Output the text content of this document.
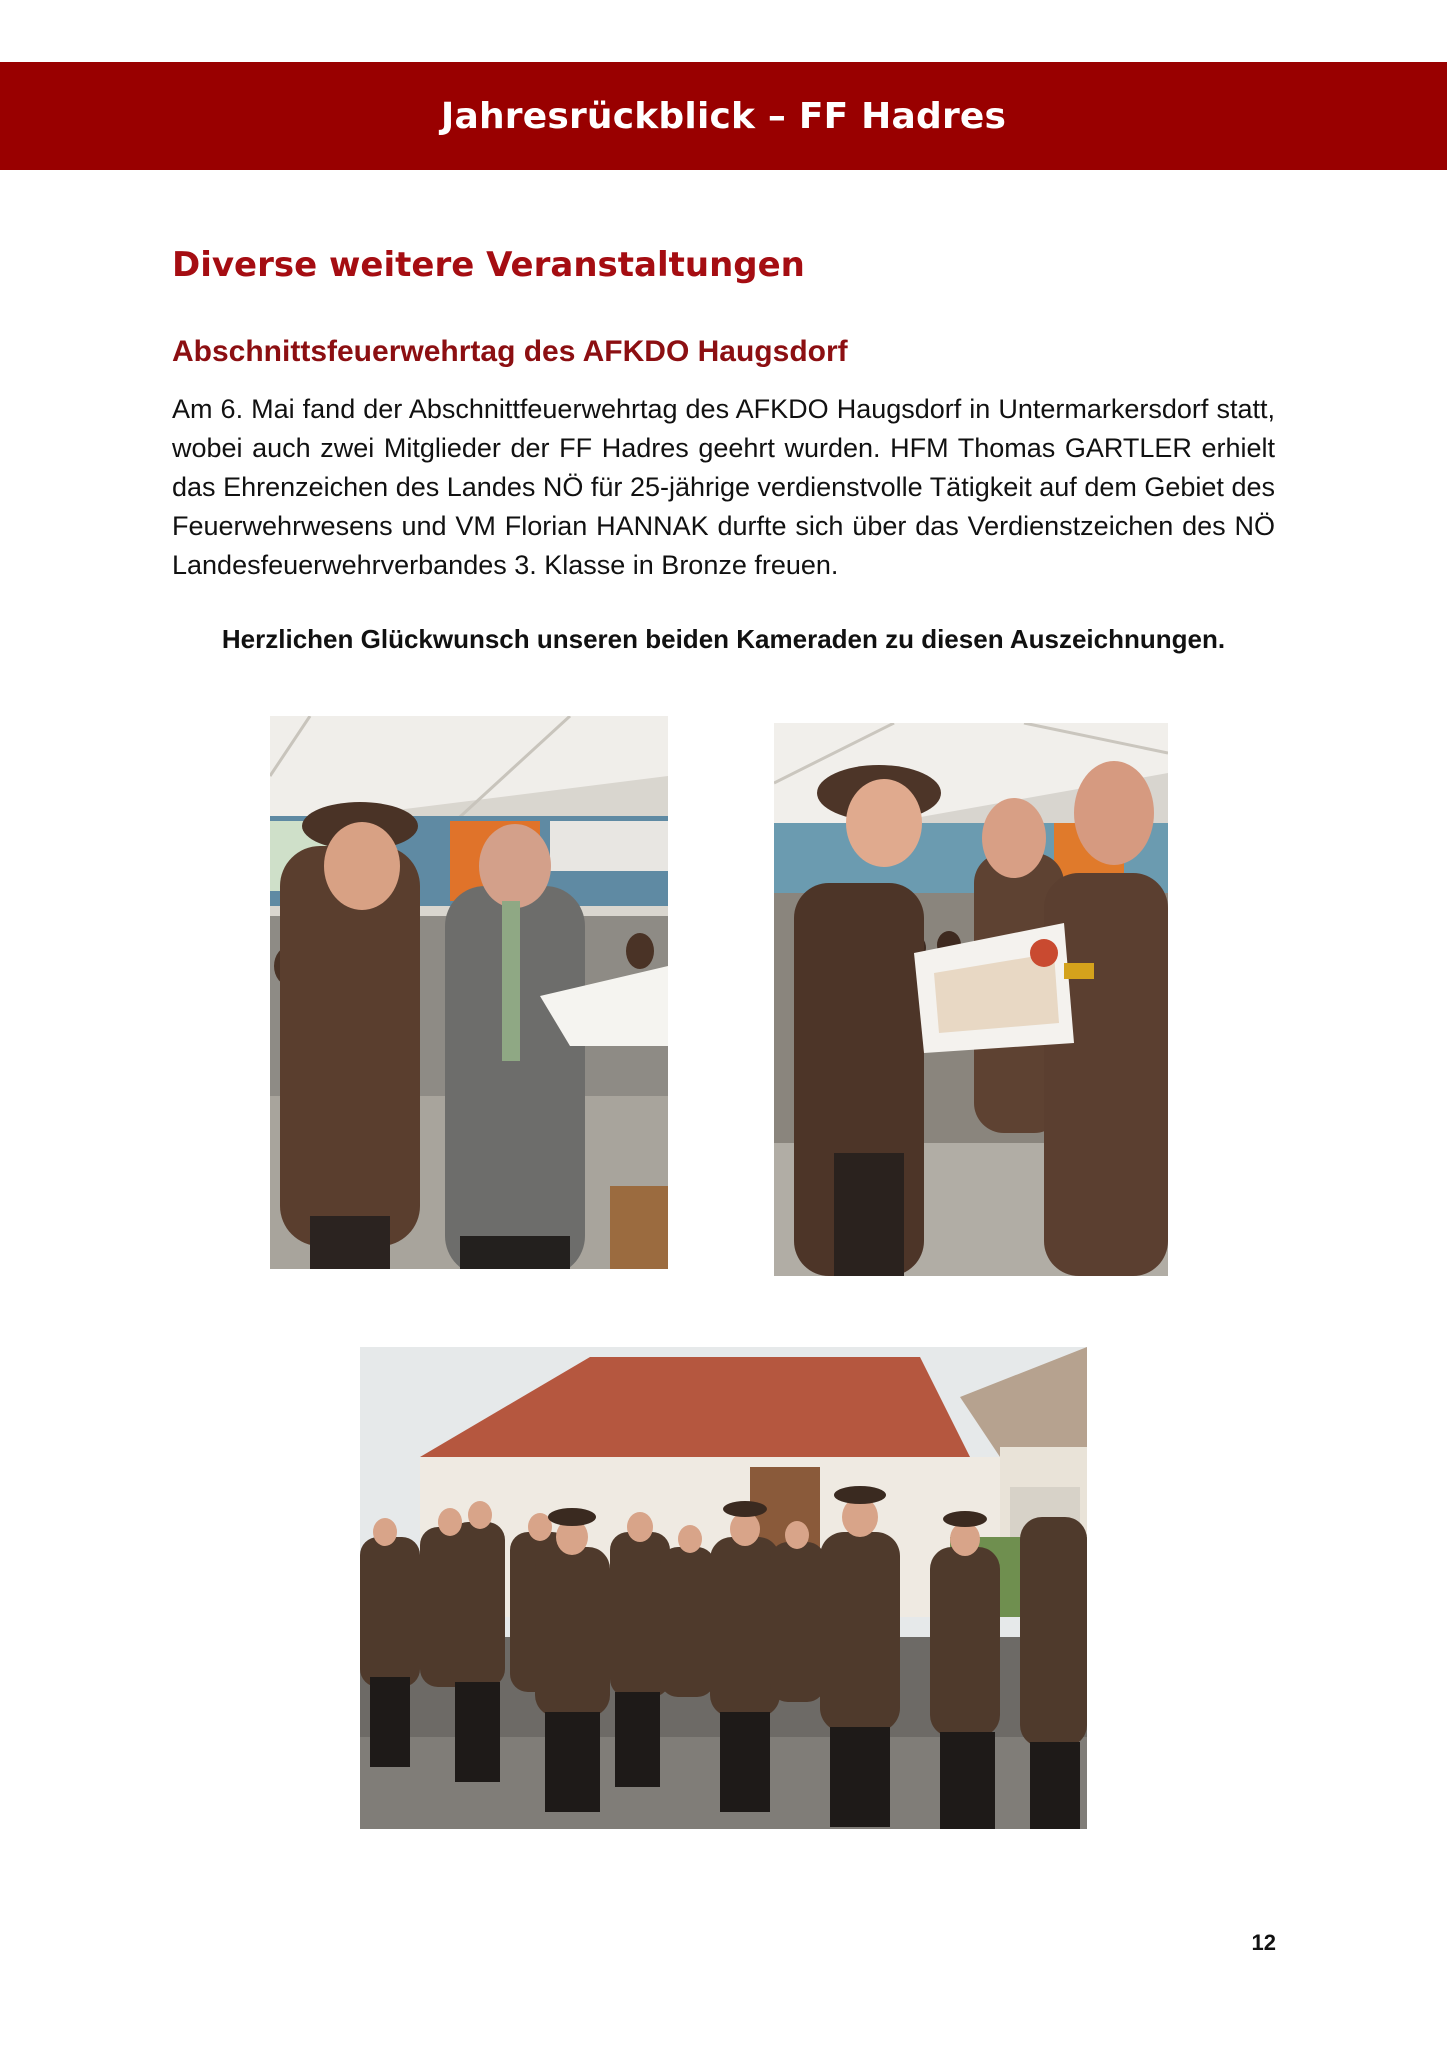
Jahresrückblick – FF Hadres
Diverse weitere Veranstaltungen
Abschnittsfeuerwehrtag des AFKDO Haugsdorf

Am 6. Mai fand der Abschnittfeuerwehrtag des AFKDO Haugsdorf in Untermarkersdorf statt, wobei auch zwei Mitglieder der FF Hadres geehrt wurden. HFM Thomas GARTLER erhielt das Ehrenzeichen des Landes NÖ für 25-jährige verdienstvolle Tätigkeit auf dem Gebiet des Feuerwehrwesens und VM Florian HANNAK durfte sich über das Verdienstzeichen des NÖ Landesfeuerwehrverbandes 3. Klasse in Bronze freuen.

Herzlichen Glückwunsch unseren beiden Kameraden zu diesen Auszeichnungen.

12
